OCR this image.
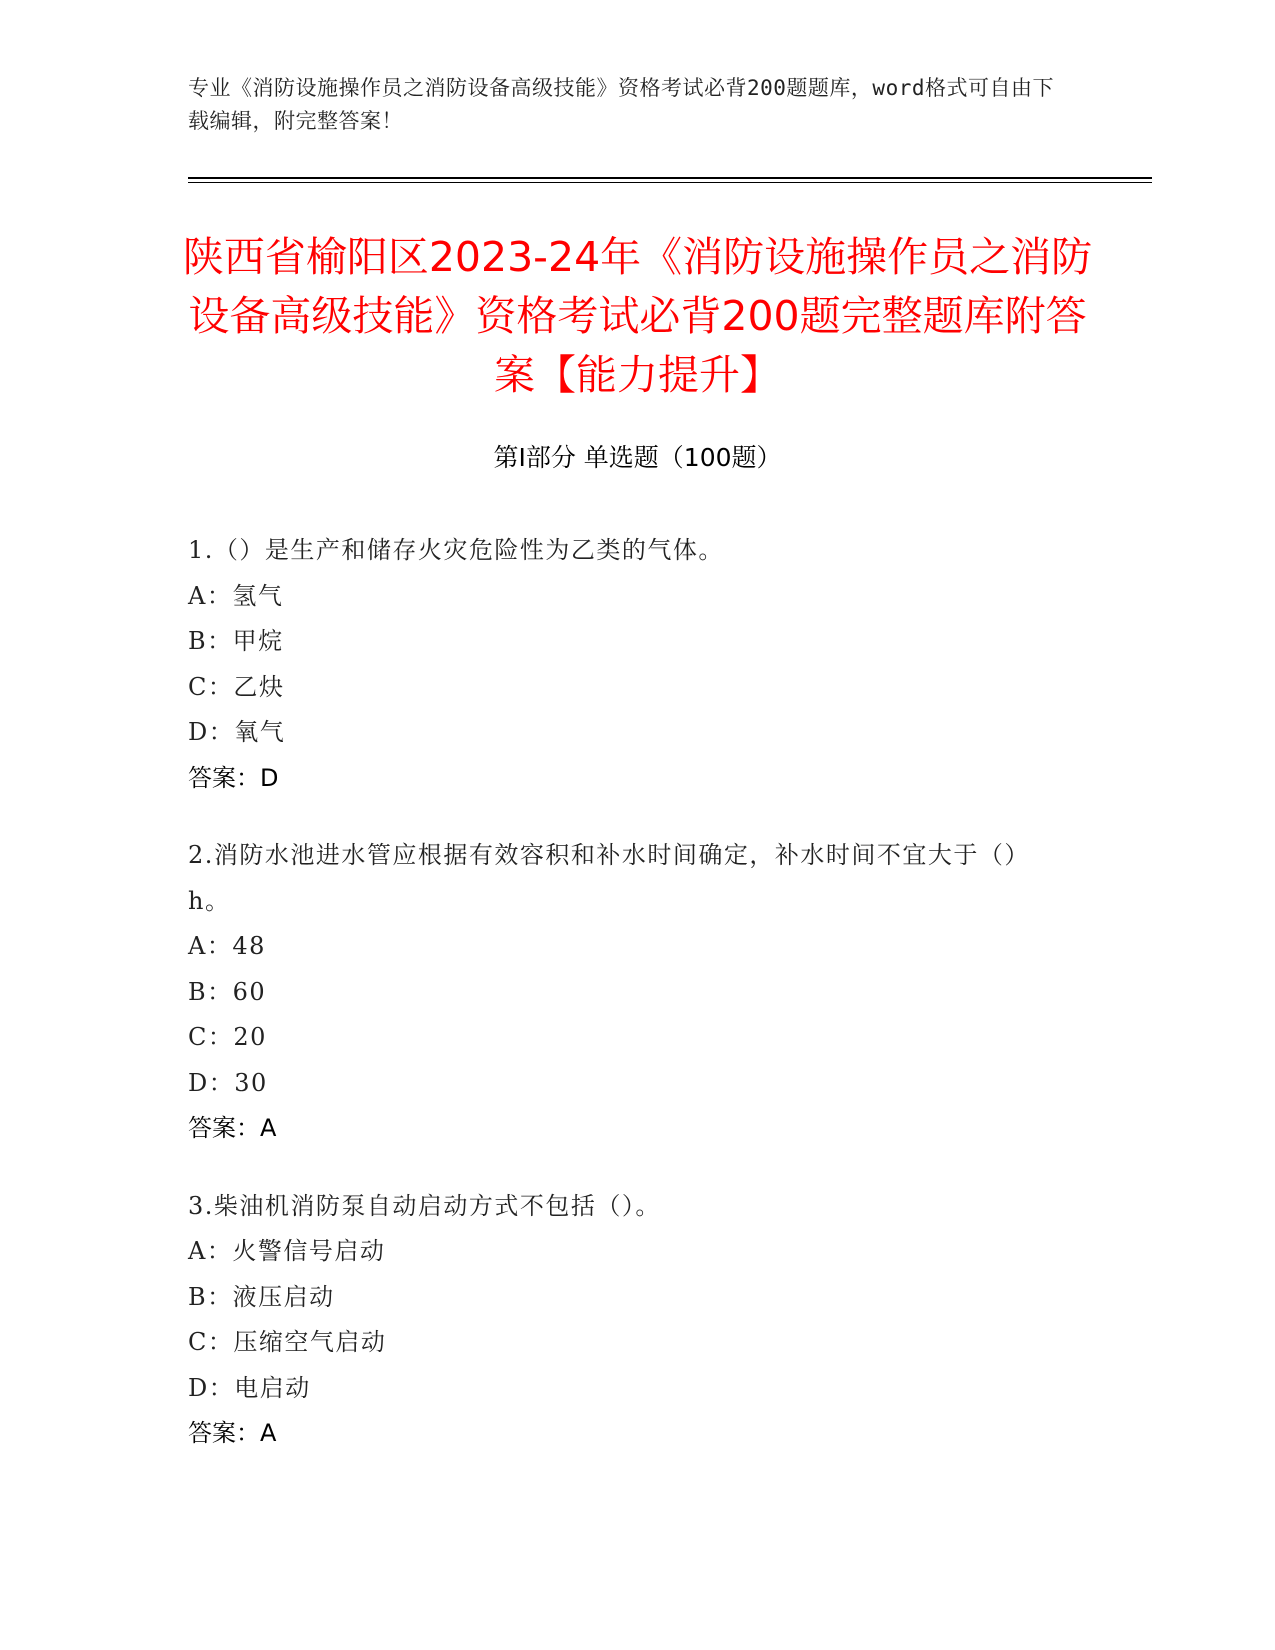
专业《消防设施操作员之消防设备高级技能》资格考试必背200题题库，word格式可自由下载编辑，附完整答案！
陕西省榆阳区2023-24年《消防设施操作员之消防设备高级技能》资格考试必背200题完整题库附答案【能力提升】
第Ⅰ部分 单选题（100题）
1.（）是生产和储存火灾危险性为乙类的气体。
A：氢气
B：甲烷
C：乙炔
D：氧气
答案：D
2.消防水池进水管应根据有效容积和补水时间确定，补水时间不宜大于（）h。
A：48
B：60
C：20
D：30
答案：A
3.柴油机消防泵自动启动方式不包括（）。
A：火警信号启动
B：液压启动
C：压缩空气启动
D：电启动
答案：A
